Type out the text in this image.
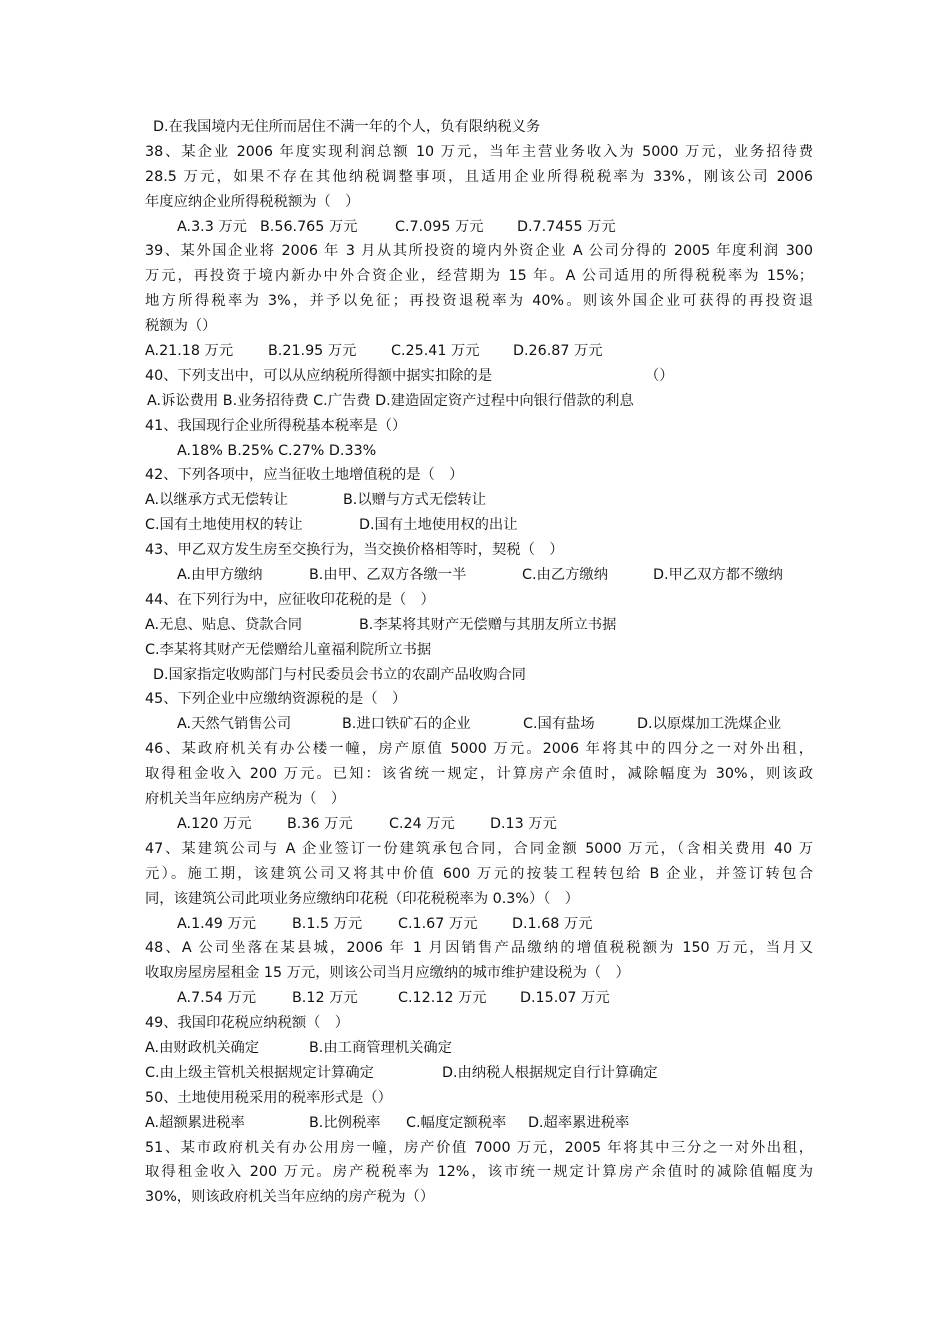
D.在我国境内无住所而居住不满一年的个人，负有限纳税义务
38、某企业 2006 年度实现利润总额 10 万元，当年主营业务收入为 5000 万元，业务招待费
28.5 万元，如果不存在其他纳税调整事项，且适用企业所得税税率为 33%，刚该公司 2006
年度应纳企业所得税税额为（　）
A.3.3 万元 B.56.765 万元	C.7.095 万元	D.7.7455 万元
39、某外国企业将 2006 年 3 月从其所投资的境内外资企业 A 公司分得的 2005 年度利润 300
万元，再投资于境内新办中外合资企业，经营期为 15 年。A 公司适用的所得税税率为 15%；
地方所得税率为 3%，并予以免征；再投资退税率为 40%。则该外国企业可获得的再投资退
税额为（）
A.21.18 万元	B.21.95 万元	C.25.41 万元	D.26.87 万元
40、下列支出中，可以从应纳税所得额中据实扣除的是	（）
A.诉讼费用 B.业务招待费 C.广告费 D.建造固定资产过程中向银行借款的利息
41、我国现行企业所得税基本税率是（）
A.18% B.25% C.27% D.33%
42、下列各项中，应当征收土地增值税的是（　）
A.以继承方式无偿转让	B.以赠与方式无偿转让
C.国有土地使用权的转让	D.国有土地使用权的出让
43、甲乙双方发生房至交换行为，当交换价格相等时，契税（　）
A.由甲方缴纳	B.由甲、乙双方各缴一半	C.由乙方缴纳	D.甲乙双方都不缴纳
44、在下列行为中，应征收印花税的是（　）
A.无息、贴息、贷款合同	B.李某将其财产无偿赠与其朋友所立书据
C.李某将其财产无偿赠给儿童福利院所立书据
D.国家指定收购部门与村民委员会书立的农副产品收购合同
45、下列企业中应缴纳资源税的是（　）
A.天然气销售公司	B.进口铁矿石的企业	C.国有盐场	D.以原煤加工洗煤企业
46、某政府机关有办公楼一幢，房产原值 5000 万元。2006 年将其中的四分之一对外出租，
取得租金收入 200 万元。已知：该省统一规定，计算房产余值时，减除幅度为 30%，则该政
府机关当年应纳房产税为（　）
A.120 万元	B.36 万元	C.24 万元	D.13 万元
47、某建筑公司与 A 企业签订一份建筑承包合同，合同金额 5000 万元，（含相关费用 40 万
元）。施工期，该建筑公司又将其中价值 600 万元的按装工程转包给 B 企业，并签订转包合
同，该建筑公司此项业务应缴纳印花税（印花税税率为 0.3%）（　）
A.1.49 万元	B.1.5 万元	C.1.67 万元	D.1.68 万元
48、A 公司坐落在某县城，2006 年 1 月因销售产品缴纳的增值税税额为 150 万元，当月又
收取房屋房屋租金 15 万元，则该公司当月应缴纳的城市维护建设税为（　）
A.7.54 万元	B.12 万元	C.12.12 万元	D.15.07 万元
49、我国印花税应纳税额（　）
A.由财政机关确定	B.由工商管理机关确定
C.由上级主管机关根据规定计算确定	D.由纳税人根据规定自行计算确定
50、土地使用税采用的税率形式是（）
A.超额累进税率	B.比例税率	C.幅度定额税率	D.超率累进税率
51、某市政府机关有办公用房一幢，房产价值 7000 万元，2005 年将其中三分之一对外出租，
取得租金收入 200 万元。房产税税率为 12%，该市统一规定计算房产余值时的减除值幅度为
30%，则该政府机关当年应纳的房产税为（）
